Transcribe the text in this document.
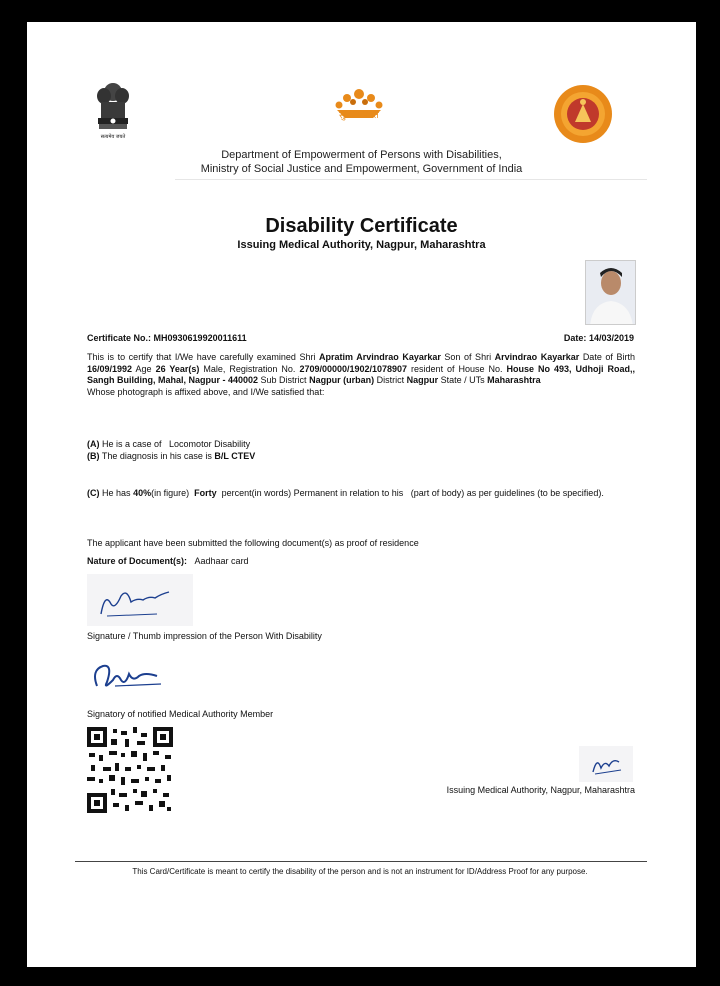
सत्यमेव जयते
सुगम्य भारत
Department of Empowerment of Persons with Disabilities,
Ministry of Social Justice and Empowerment, Government of India
Disability Certificate
Issuing Medical Authority, Nagpur, Maharashtra
Certificate No.: MH0930619920011611	Date: 14/03/2019
This is to certify that I/We have carefully examined Shri Apratim Arvindrao Kayarkar Son of Shri Arvindrao Kayarkar Date of Birth 16/09/1992 Age 26 Year(s) Male, Registration No. 2709/00000/1902/1078907 resident of House No. House No 493, Udhoji Road,, Sangh Building, Mahal, Nagpur - 440002 Sub District Nagpur (urban) District Nagpur State / UTs Maharashtra
Whose photograph is affixed above, and I/We satisfied that:
(A) He is a case of   Locomotor Disability
(B) The diagnosis in his case is B/L CTEV
(C) He has 40%(in figure) Forty percent(in words) Permanent in relation to his   (part of body) as per guidelines (to be specified).
The applicant have been submitted the following document(s) as proof of residence
Nature of Document(s): Aadhaar card
Signature / Thumb impression of the Person With Disability
Signatory of notified Medical Authority Member
Issuing Medical Authority, Nagpur, Maharashtra
This Card/Certificate is meant to certify the disability of the person and is not an instrument for ID/Address Proof for any purpose.
